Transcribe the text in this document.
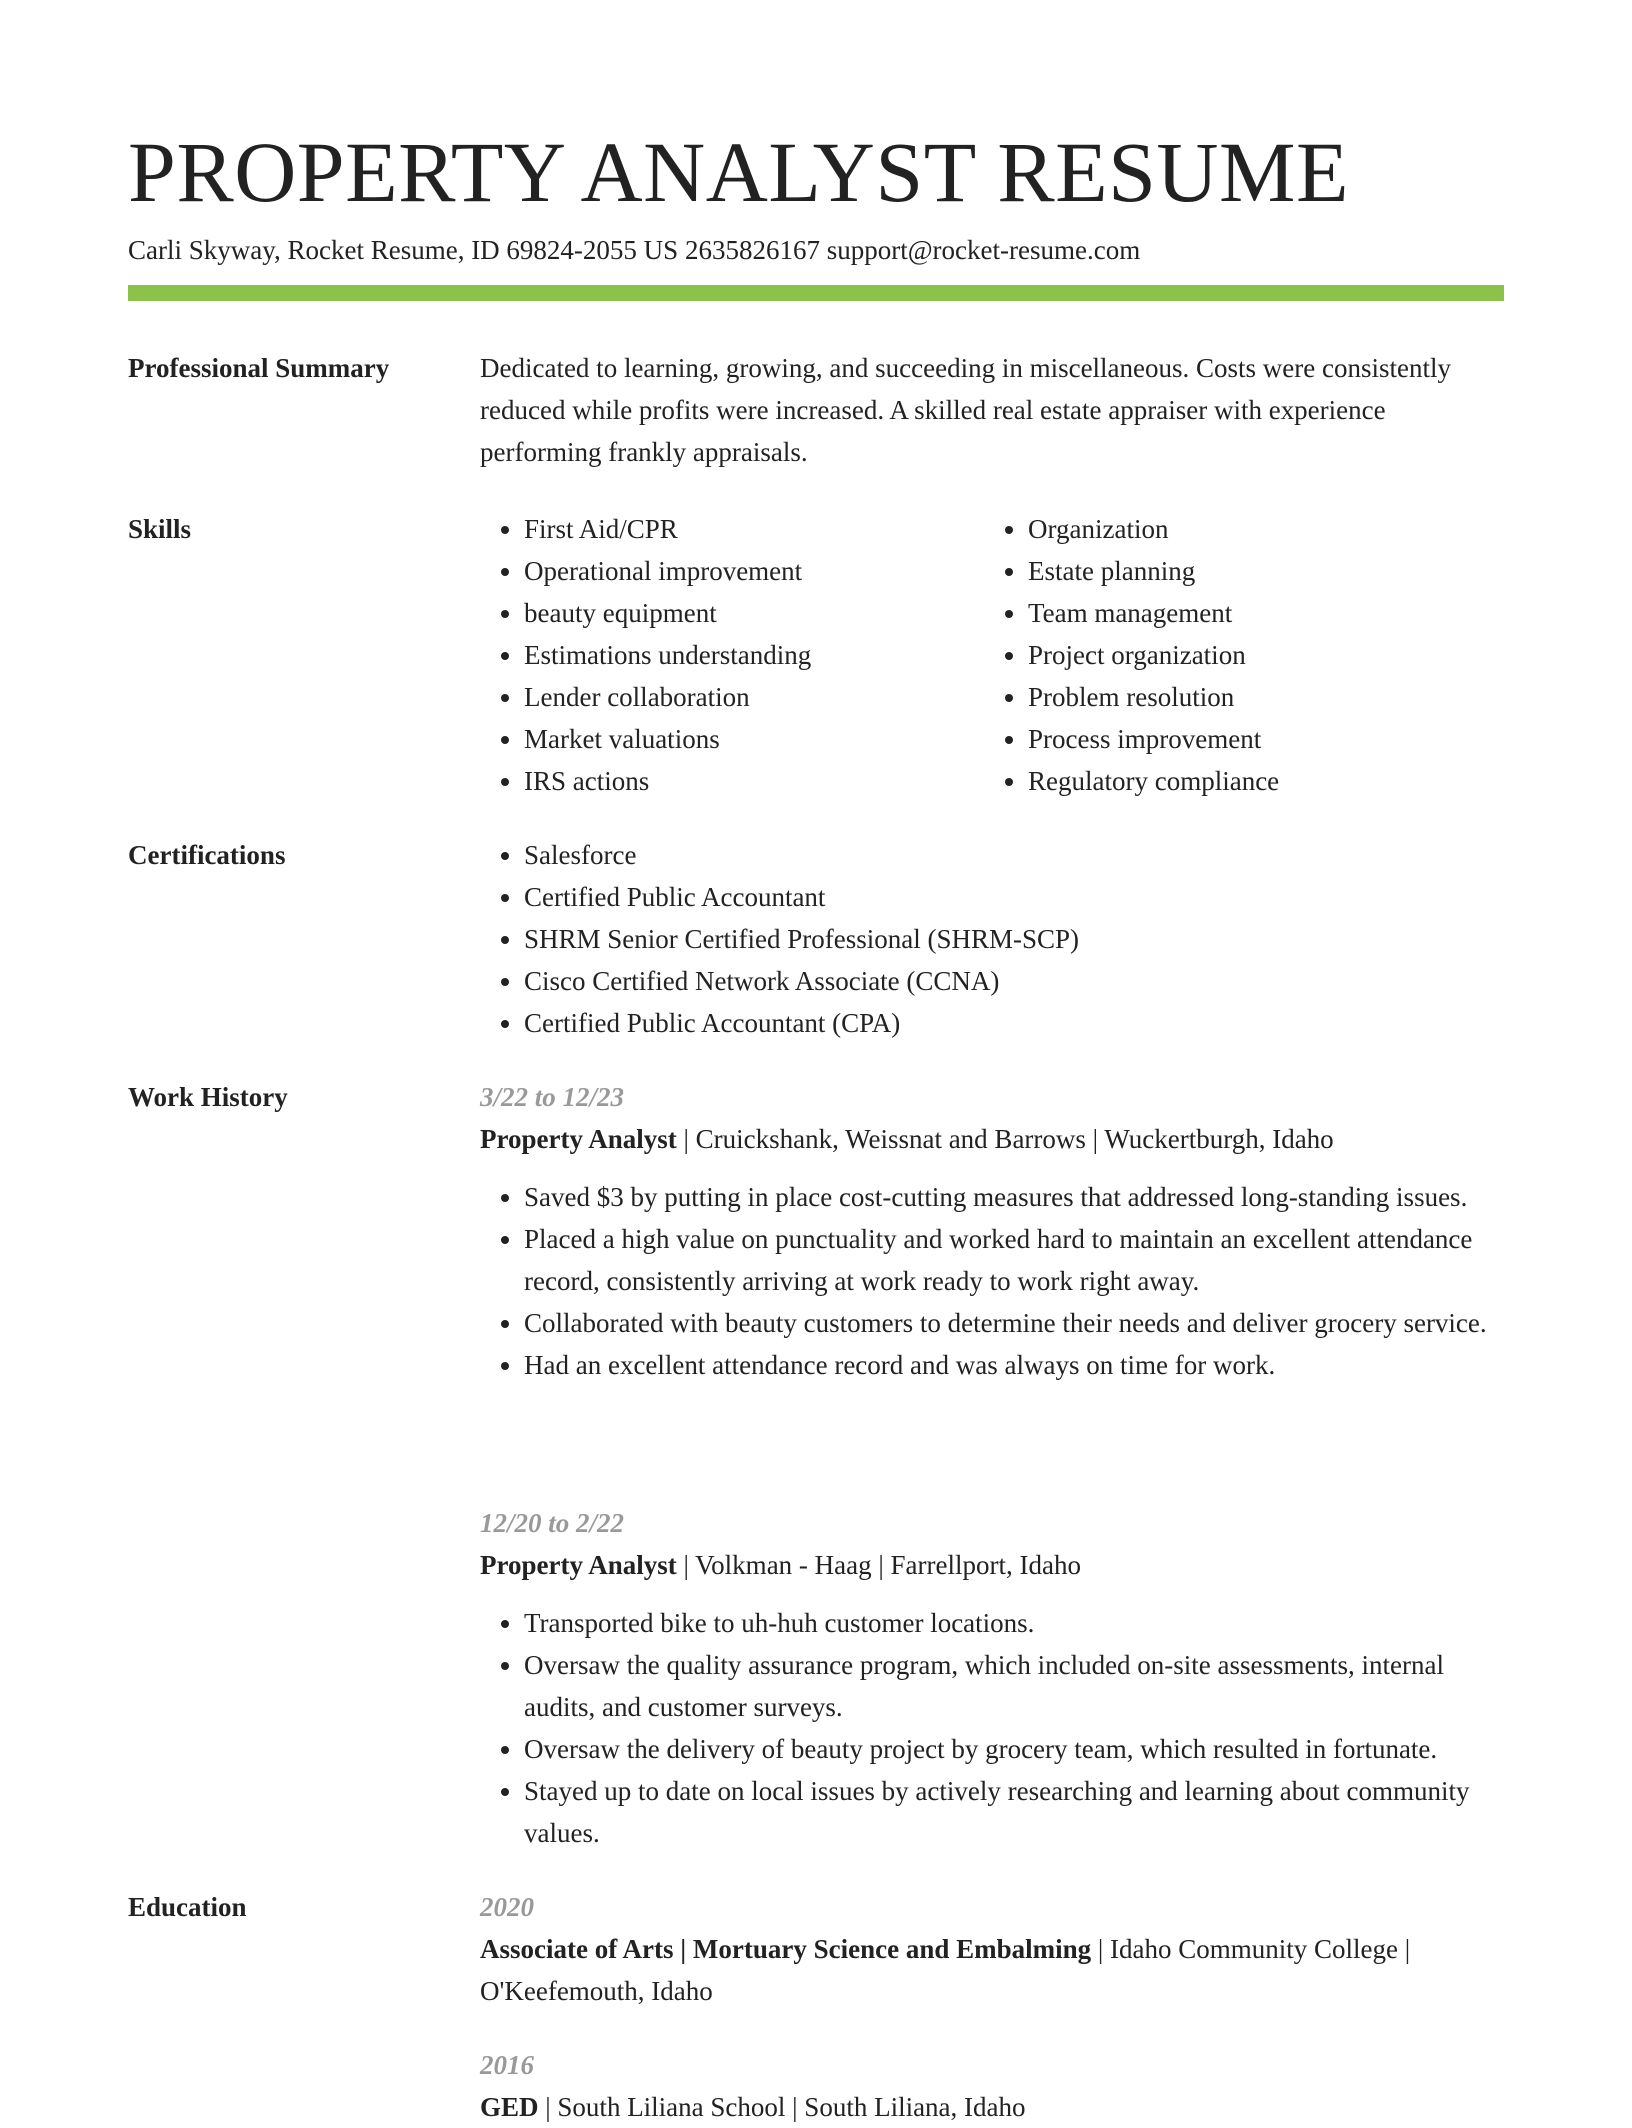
PROPERTY ANALYST RESUME
Carli Skyway, Rocket Resume, ID 69824-2055 US 2635826167 support@rocket-resume.com
Professional Summary	Dedicated to learning, growing, and succeeding in miscellaneous. Costs were consistently reduced while profits were increased. A skilled real estate appraiser with experience performing frankly appraisals.

Skills	• First Aid/CPR
• Operational improvement
• beauty equipment
• Estimations understanding
• Lender collaboration
• Market valuations
• IRS actions
• Organization
• Estate planning
• Team management
• Project organization
• Problem resolution
• Process improvement
• Regulatory compliance
Certifications	• Salesforce
• Certified Public Accountant
• SHRM Senior Certified Professional (SHRM-SCP)
• Cisco Certified Network Associate (CCNA)
• Certified Public Accountant (CPA)
Work History	3/22 to 12/23
Property Analyst | Cruickshank, Weissnat and Barrows | Wuckertburgh, Idaho
• Saved $3 by putting in place cost-cutting measures that addressed long-standing issues.
• Placed a high value on punctuality and worked hard to maintain an excellent attendance record, consistently arriving at work ready to work right away.
• Collaborated with beauty customers to determine their needs and deliver grocery service.
• Had an excellent attendance record and was always on time for work.
12/20 to 2/22
Property Analyst | Volkman - Haag | Farrellport, Idaho
• Transported bike to uh-huh customer locations.
• Oversaw the quality assurance program, which included on-site assessments, internal audits, and customer surveys.
• Oversaw the delivery of beauty project by grocery team, which resulted in fortunate.
• Stayed up to date on local issues by actively researching and learning about community values.
Education	2020
Associate of Arts | Mortuary Science and Embalming | Idaho Community College | O'Keefemouth, Idaho
2016
GED | South Liliana School | South Liliana, Idaho
